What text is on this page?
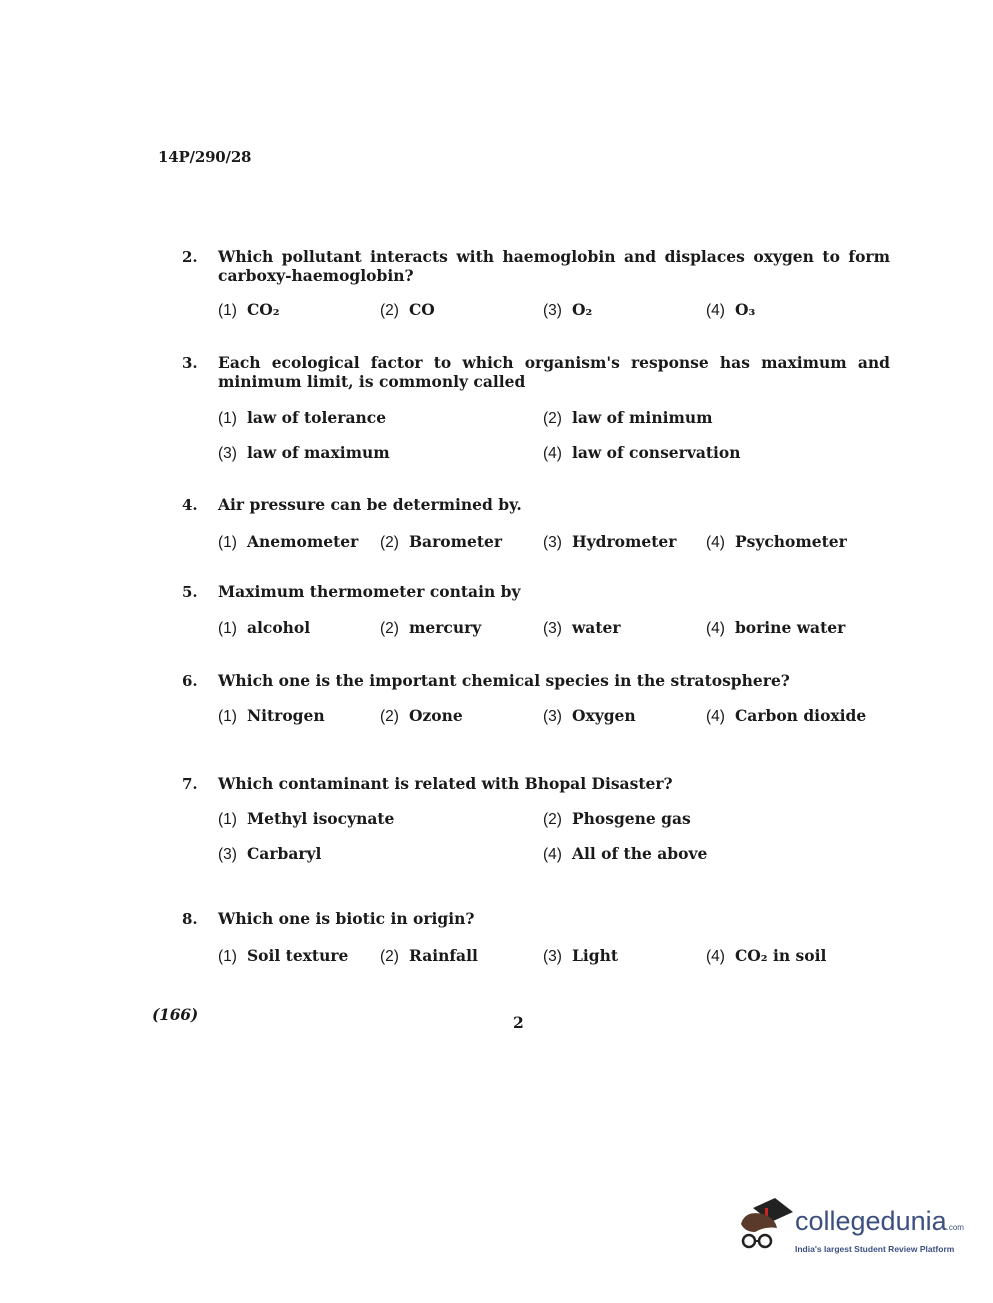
14P/290/28
2. Which pollutant interacts with haemoglobin and displaces oxygen to form carboxy-haemoglobin?
(1) CO₂	(2) CO	(3) O₂	(4) O₃
3. Each ecological factor to which organism's response has maximum and minimum limit, is commonly called
(1) law of tolerance	(2) law of minimum
(3) law of maximum	(4) law of conservation
4. Air pressure can be determined by.
(1) Anemometer (2) Barometer	(3) Hydrometer (4) Psychometer
5. Maximum thermometer contain by
(1) alcohol	(2) mercury	(3) water	(4) borine water
6. Which one is the important chemical species in the stratosphere?
(1) Nitrogen	(2) Ozone	(3) Oxygen	(4) Carbon dioxide
7. Which contaminant is related with Bhopal Disaster?
(1) Methyl isocynate	(2) Phosgene gas
(3) Carbaryl	(4) All of the above
8. Which one is biotic in origin?
(1) Soil texture (2) Rainfall	(3) Light	(4) CO₂ in soil
(166)	2
collegedunia.com
India's largest Student Review Platform
